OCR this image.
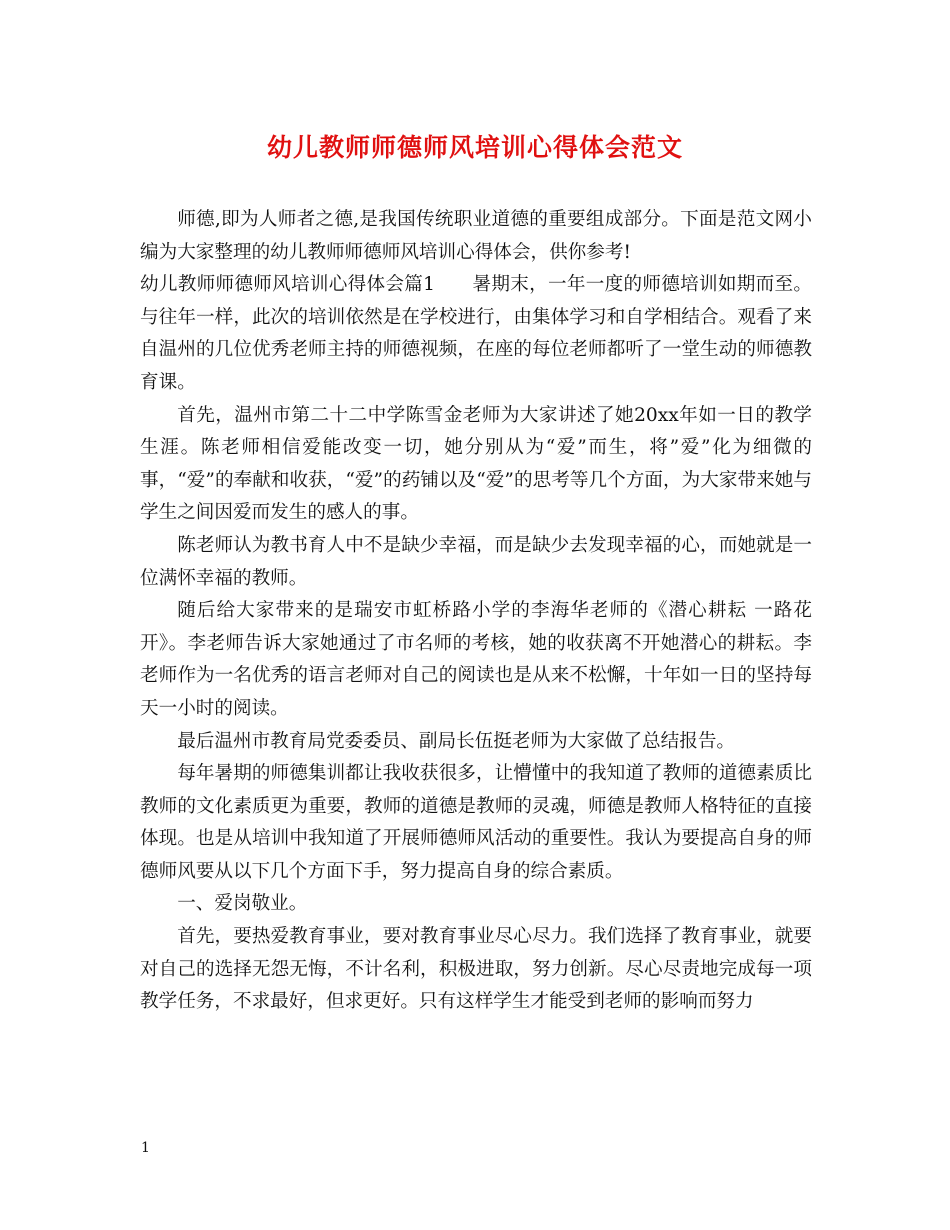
幼儿教师师德师风培训心得体会范文

师德,即为人师者之德,是我国传统职业道德的重要组成部分。下面是范文网小编为大家整理的幼儿教师师德师风培训心得体会，供你参考!

幼儿教师师德师风培训心得体会篇1 暑期末，一年一度的师德培训如期而至。与往年一样，此次的培训依然是在学校进行，由集体学习和自学相结合。观看了来自温州的几位优秀老师主持的师德视频，在座的每位老师都听了一堂生动的师德教育课。

首先，温州市第二十二中学陈雪金老师为大家讲述了她20xx年如一日的教学生涯。陈老师相信爱能改变一切，她分别从为“爱”而生，将”爱”化为细微的事，“爱”的奉献和收获，“爱”的药铺以及“爱”的思考等几个方面，为大家带来她与学生之间因爱而发生的感人的事。

陈老师认为教书育人中不是缺少幸福，而是缺少去发现幸福的心，而她就是一位满怀幸福的教师。

随后给大家带来的是瑞安市虹桥路小学的李海华老师的《潜心耕耘 一路花开》。李老师告诉大家她通过了市名师的考核，她的收获离不开她潜心的耕耘。李老师作为一名优秀的语言老师对自己的阅读也是从来不松懈，十年如一日的坚持每天一小时的阅读。

最后温州市教育局党委委员、副局长伍挺老师为大家做了总结报告。

每年暑期的师德集训都让我收获很多，让懵懂中的我知道了教师的道德素质比教师的文化素质更为重要，教师的道德是教师的灵魂，师德是教师人格特征的直接体现。也是从培训中我知道了开展师德师风活动的重要性。我认为要提高自身的师德师风要从以下几个方面下手，努力提高自身的综合素质。

一、爱岗敬业。

首先，要热爱教育事业，要对教育事业尽心尽力。我们选择了教育事业，就要对自己的选择无怨无悔，不计名利，积极进取，努力创新。尽心尽责地完成每一项教学任务，不求最好，但求更好。只有这样学生才能受到老师的影响而努力

1
